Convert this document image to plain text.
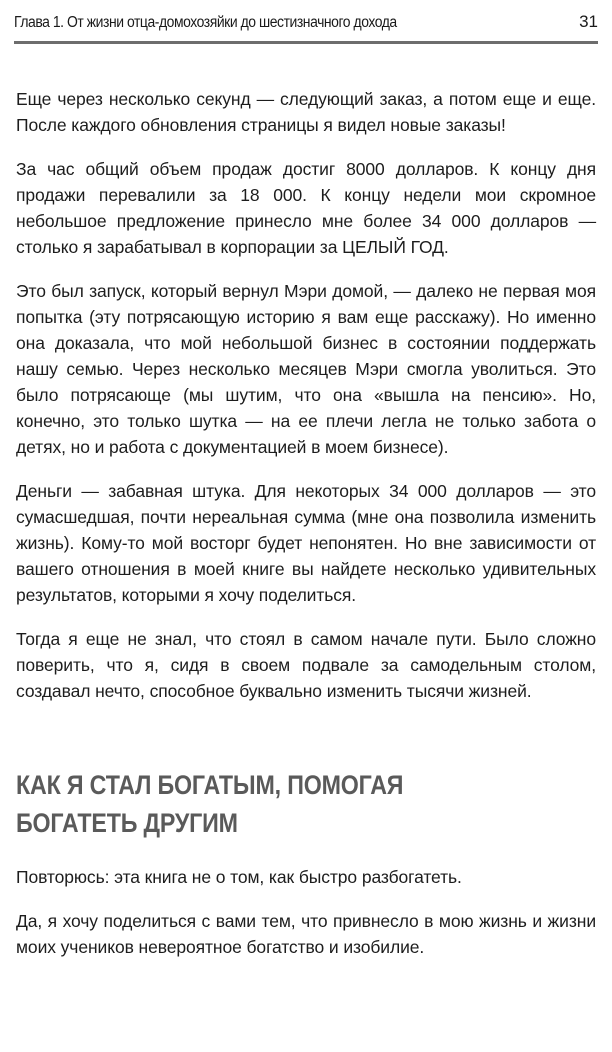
Глава 1. От жизни отца-домохозяйки до шестизначного дохода	31

Еще через несколько секунд — следующий заказ, а потом еще и еще. После каждого обновления страницы я видел новые заказы!

За час общий объем продаж достиг 8000 долларов. К концу дня продажи перевалили за 18 000. К концу недели мои скромное небольшое предложение принесло мне более 34 000 долларов — столько я зарабатывал в корпорации за ЦЕЛЫЙ ГОД.

Это был запуск, который вернул Мэри домой, — далеко не первая моя попытка (эту потрясающую историю я вам еще расскажу). Но именно она доказала, что мой небольшой бизнес в состоянии поддержать нашу семью. Через несколько месяцев Мэри смогла уволиться. Это было потрясающе (мы шутим, что она «вышла на пенсию». Но, конечно, это только шутка — на ее плечи легла не только забота о детях, но и работа с документацией в моем бизнесе).

Деньги — забавная штука. Для некоторых 34 000 долларов — это сумасшедшая, почти нереальная сумма (мне она позволила изменить жизнь). Кому-то мой восторг будет непонятен. Но вне зависимости от вашего отношения в моей книге вы найдете несколько удивительных результатов, которыми я хочу поделиться.

Тогда я еще не знал, что стоял в самом начале пути. Было сложно поверить, что я, сидя в своем подвале за самодельным столом, создавал нечто, способное буквально изменить тысячи жизней.

КАК Я СТАЛ БОГАТЫМ, ПОМОГАЯ
БОГАТЕТЬ ДРУГИМ

Повторюсь: эта книга не о том, как быстро разбогатеть.

Да, я хочу поделиться с вами тем, что привнесло в мою жизнь и жизни моих учеников невероятное богатство и изобилие.
